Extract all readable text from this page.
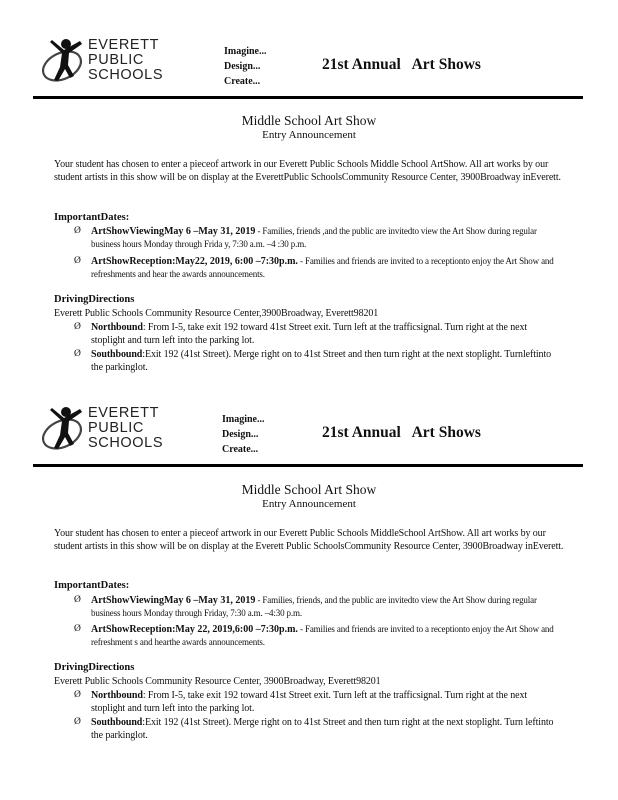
EVERETT
PUBLIC
SCHOOLS
Imagine...
Design...
Create...
21st Annual   Art Shows
Middle School Art Show
Entry Announcement
Your student has chosen to enter a pieceof artwork in our Everett Public Schools Middle School ArtShow. All art works by our student artists in this show will be on display at the EverettPublic SchoolsCommunity Resource Center, 3900Broadway inEverett.
ImportantDates:
Ø ArtShowViewingMay 6 –May 31, 2019 - Families, friends ,and the public are invitedto view the Art Show during regular business hours Monday through Frida y, 7:30 a.m. –4 :30 p.m.
Ø ArtShowReception:May22, 2019, 6:00 –7:30p.m. - Families and friends are invited to a receptionto enjoy the Art Show and refreshments and hear the awards announcements.
DrivingDirections
Everett Public Schools Community Resource Center,3900Broadway, Everett98201
Ø Northbound: From I-5, take exit 192 toward 41st Street exit. Turn left at the trafficsignal. Turn right at the next stoplight and turn left into the parking lot.
Ø Southbound:Exit 192 (41st Street). Merge right on to 41st Street and then turn right at the next stoplight. Turnleftinto the parkinglot.
EVERETT
PUBLIC
SCHOOLS
Imagine...
Design...
Create...
21st Annual   Art Shows
Middle School Art Show
Entry Announcement
Your student has chosen to enter a pieceof artwork in our Everett Public Schools MiddleSchool ArtShow. All art works by our student artists in this show will be on display at the Everett Public SchoolsCommunity Resource Center, 3900Broadway inEverett.
ImportantDates:
Ø ArtShowViewingMay 6 –May 31, 2019 - Families, friends, and the public are invitedto view the Art Show during regular business hours Monday through Friday, 7:30 a.m. –4:30 p.m.
Ø ArtShowReception:May 22, 2019,6:00 –7:30p.m. - Families and friends are invited to a receptionto enjoy the Art Show and refreshment s and hearthe awards announcements.
DrivingDirections
Everett Public Schools Community Resource Center, 3900Broadway, Everett98201
Ø Northbound: From I-5, take exit 192 toward 41st Street exit. Turn left at the trafficsignal. Turn right at the next stoplight and turn left into the parking lot.
Ø Southbound:Exit 192 (41st Street). Merge right on to 41st Street and then turn right at the next stoplight. Turn leftinto the parkinglot.
